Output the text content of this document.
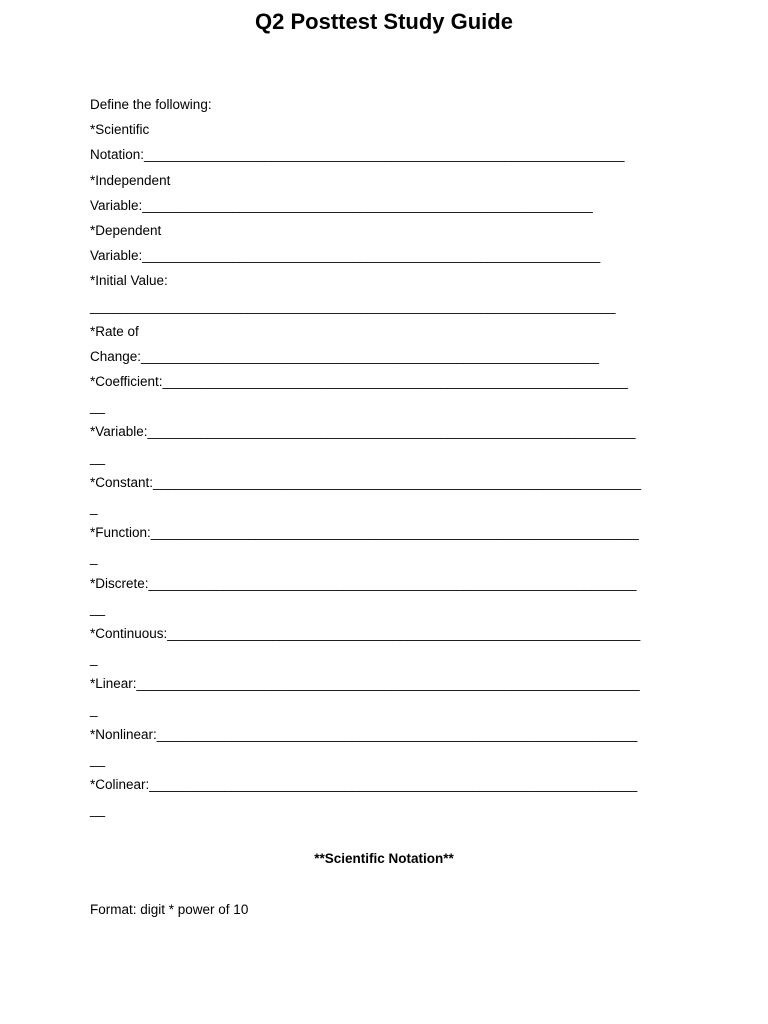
Q2 Posttest Study Guide

Define the following:

*Scientific

Notation:________________________________________________________________

*Independent

Variable:____________________________________________________________

*Dependent

Variable:_____________________________________________________________

*Initial Value:

______________________________________________________________________

*Rate of

Change:_____________________________________________________________

*Coefficient:______________________________________________________________

__

*Variable:_________________________________________________________________

__

*Constant:_________________________________________________________________

_

*Function:_________________________________________________________________

_

*Discrete:_________________________________________________________________

__

*Continuous:_______________________________________________________________

_

*Linear:___________________________________________________________________

_

*Nonlinear:________________________________________________________________

__

*Colinear:_________________________________________________________________

__

**Scientific Notation**
Format: digit * power of 10
